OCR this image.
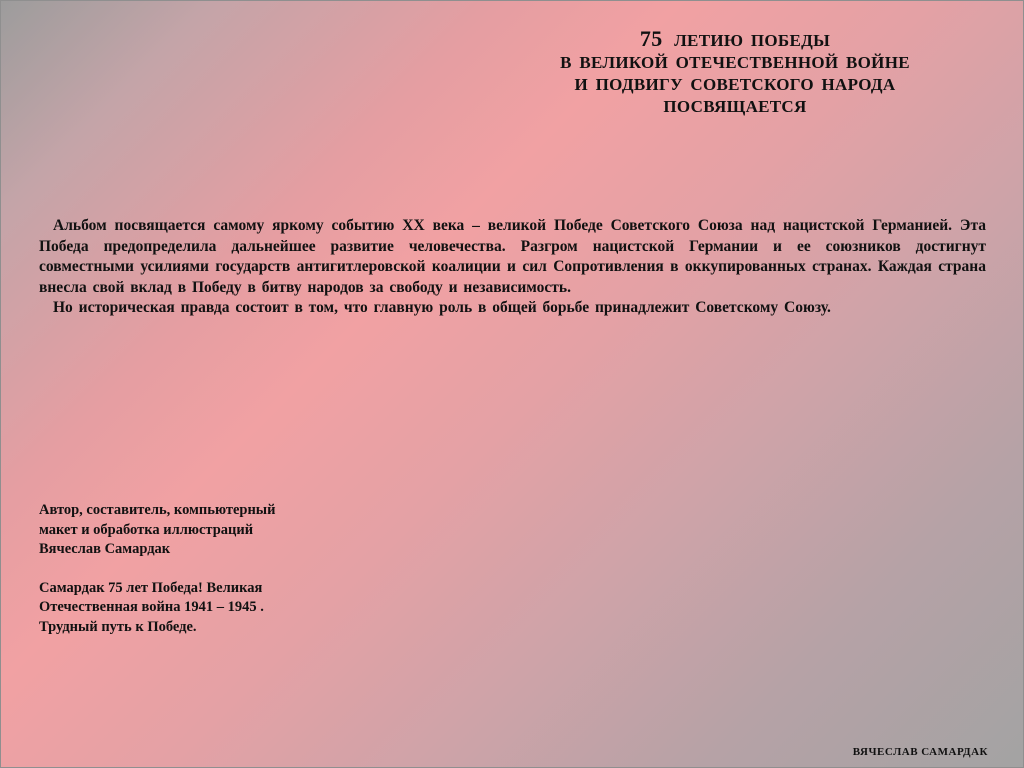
75 ЛЕТИЮ ПОБЕДЫ
В ВЕЛИКОЙ ОТЕЧЕСТВЕННОЙ ВОЙНЕ
И ПОДВИГУ СОВЕТСКОГО НАРОДА
ПОСВЯЩАЕТСЯ

Альбом посвящается самому яркому событию XX века – великой Победе Советского Союза над нацистской Германией. Эта Победа предопределила дальнейшее развитие человечества. Разгром нацистской Германии и ее союзников достигнут совместными усилиями государств антигитлеровской коалиции и сил Сопротивления в оккупированных странах. Каждая страна внесла свой вклад в Победу в битву народов за свободу и независимость.

Но историческая правда состоит в том, что главную роль в общей борьбе принадлежит Советскому Союзу.

Автор, составитель, компьютерный
макет и обработка иллюстраций
Вячеслав Самардак
Самардак 75 лет Победа! Великая
Отечественная война 1941 – 1945 .
Трудный путь к Победе.
ВЯЧЕСЛАВ САМАРДАК
